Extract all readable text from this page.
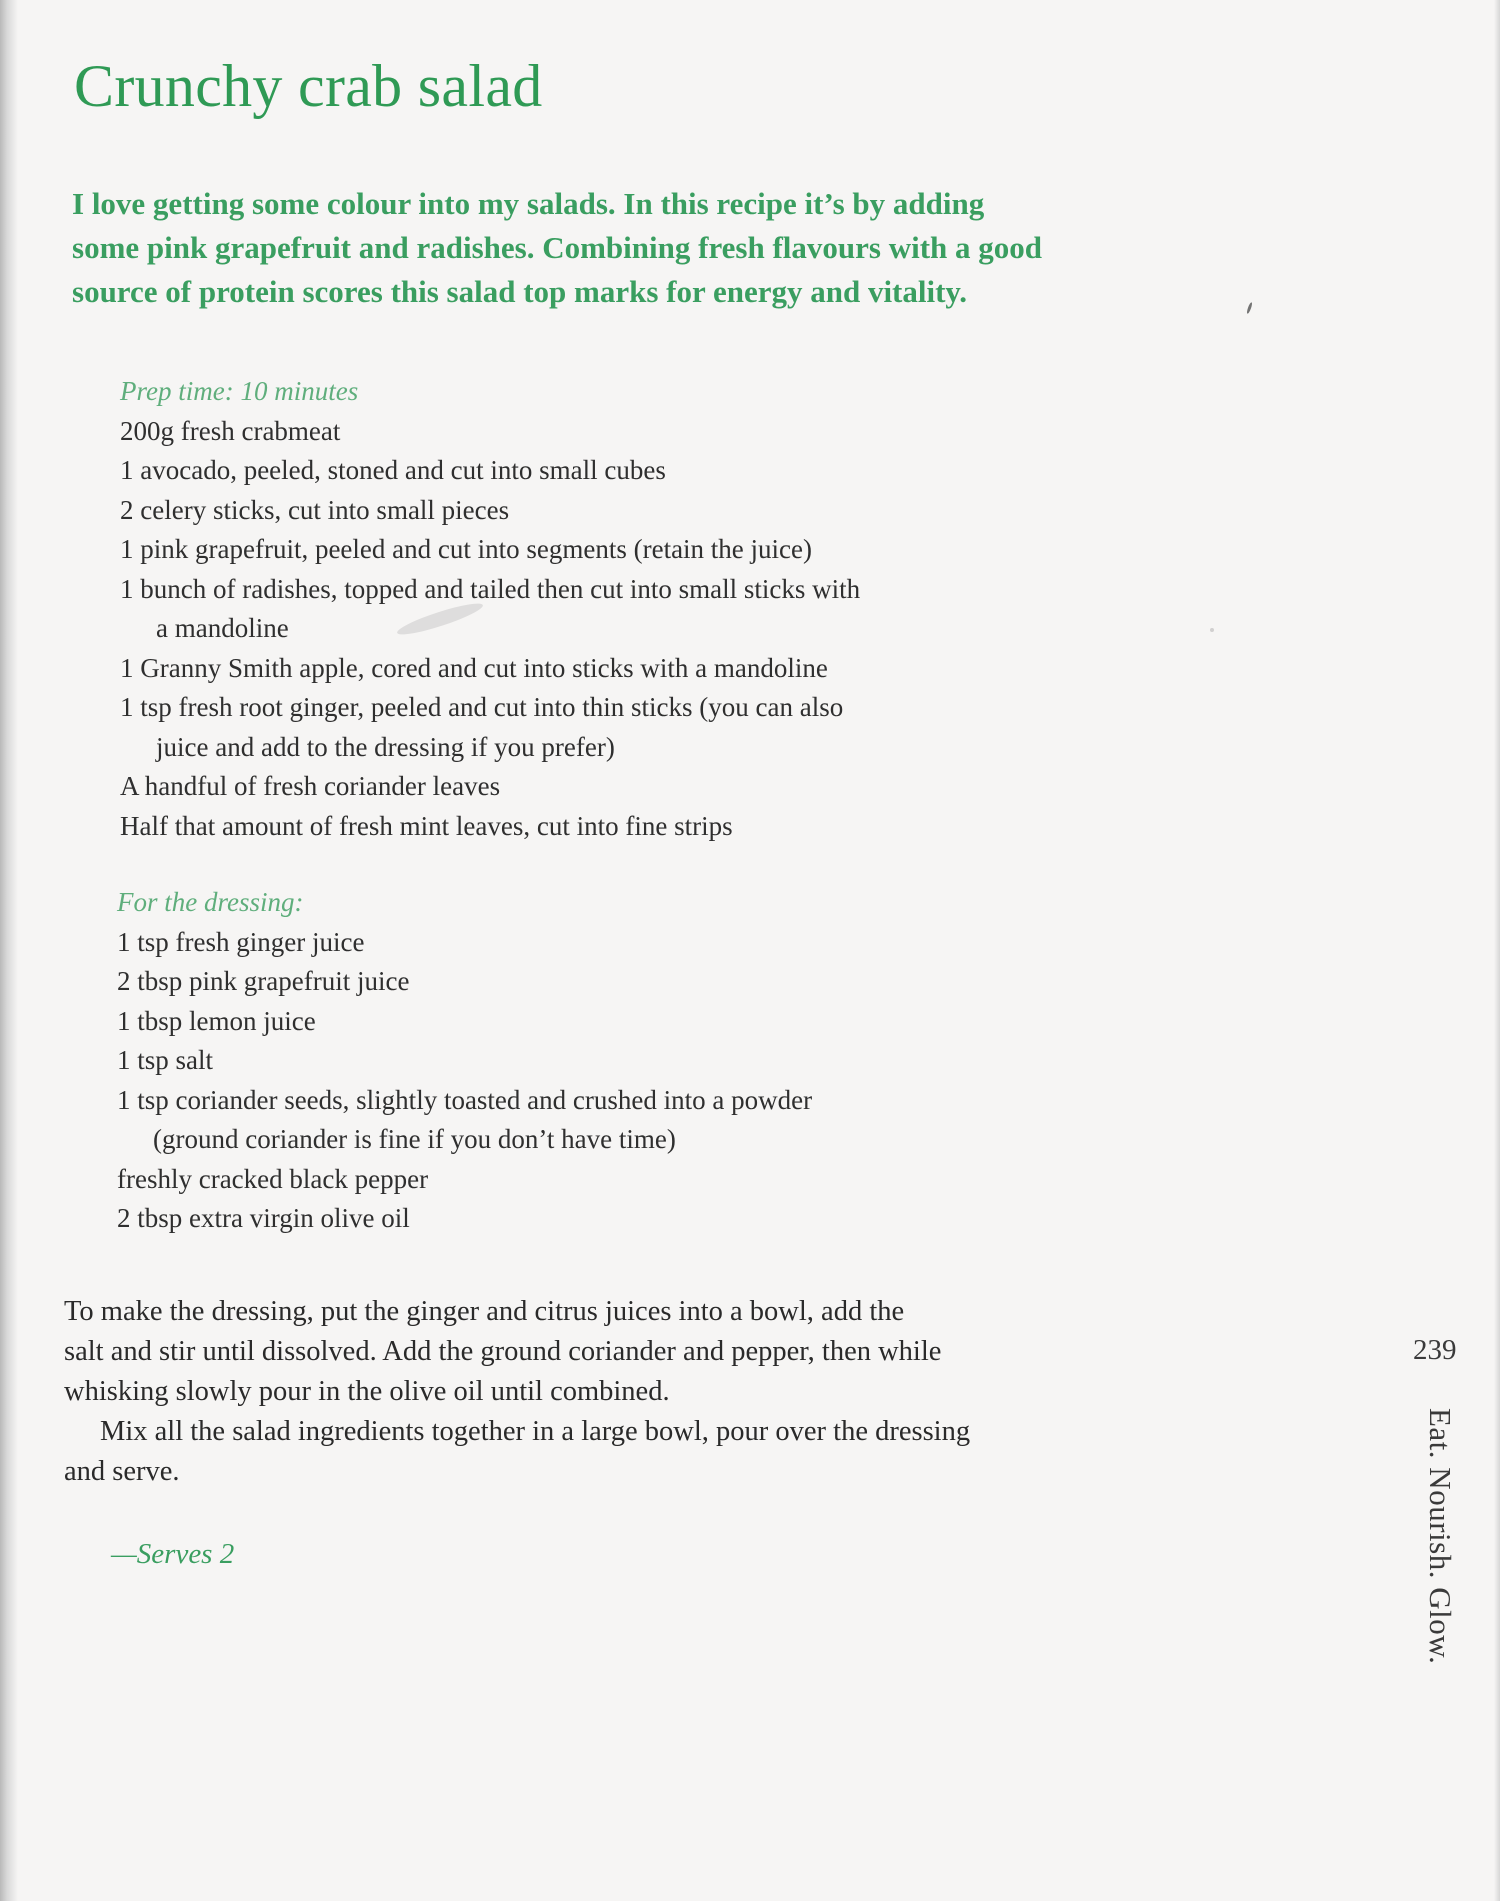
Crunchy crab salad
I love getting some colour into my salads. In this recipe it’s by adding
some pink grapefruit and radishes. Combining fresh flavours with a good
source of protein scores this salad top marks for energy and vitality.
Prep time: 10 minutes
200g fresh crabmeat
1 avocado, peeled, stoned and cut into small cubes
2 celery sticks, cut into small pieces
1 pink grapefruit, peeled and cut into segments (retain the juice)
1 bunch of radishes, topped and tailed then cut into small sticks with
a mandoline
1 Granny Smith apple, cored and cut into sticks with a mandoline
1 tsp fresh root ginger, peeled and cut into thin sticks (you can also
juice and add to the dressing if you prefer)
A handful of fresh coriander leaves
Half that amount of fresh mint leaves, cut into fine strips
For the dressing:
1 tsp fresh ginger juice
2 tbsp pink grapefruit juice
1 tbsp lemon juice
1 tsp salt
1 tsp coriander seeds, slightly toasted and crushed into a powder
(ground coriander is fine if you don’t have time)
freshly cracked black pepper
2 tbsp extra virgin olive oil
To make the dressing, put the ginger and citrus juices into a bowl, add the
salt and stir until dissolved. Add the ground coriander and pepper, then while
whisking slowly pour in the olive oil until combined.
Mix all the salad ingredients together in a large bowl, pour over the dressing
and serve.
—Serves 2
239
Eat. Nourish. Glow.
